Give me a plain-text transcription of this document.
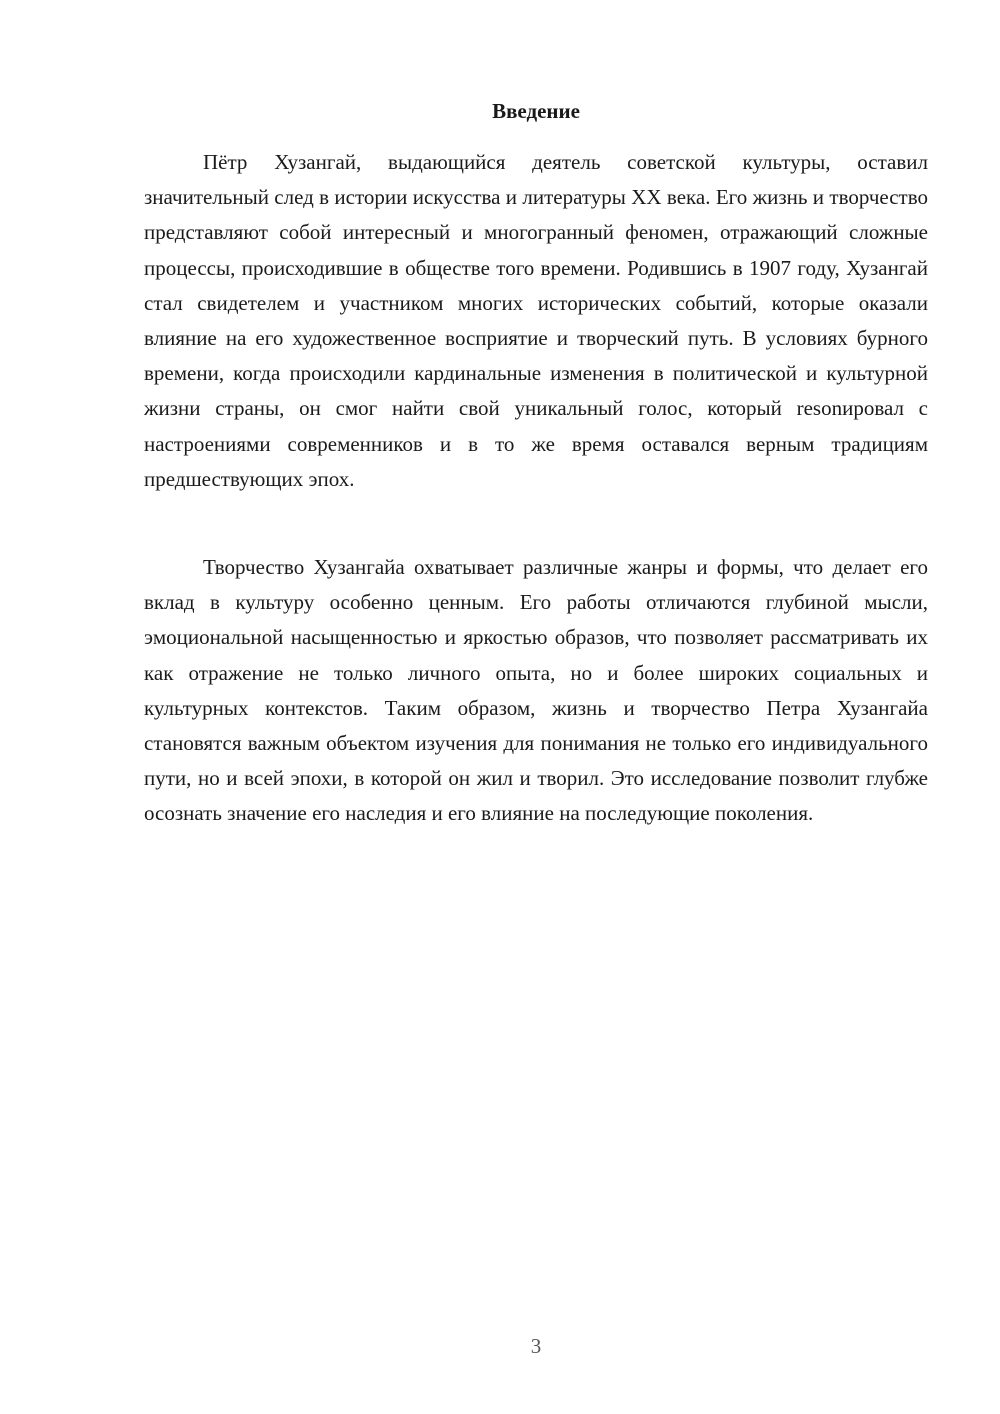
Введение

Пётр Хузангай, выдающийся деятель советской культуры, оставил значительный след в истории искусства и литературы XX века. Его жизнь и творчество представляют собой интересный и многогранный феномен, отражающий сложные процессы, происходившие в обществе того времени. Родившись в 1907 году, Хузангай стал свидетелем и участником многих исторических событий, которые оказали влияние на его художественное восприятие и творческий путь. В условиях бурного времени, когда происходили кардинальные изменения в политической и культурной жизни страны, он смог найти свой уникальный голос, который resonировал с настроениями современников и в то же время оставался верным традициям предшествующих эпох.

Творчество Хузангайа охватывает различные жанры и формы, что делает его вклад в культуру особенно ценным. Его работы отличаются глубиной мысли, эмоциональной насыщенностью и яркостью образов, что позволяет рассматривать их как отражение не только личного опыта, но и более широких социальных и культурных контекстов. Таким образом, жизнь и творчество Петра Хузангайа становятся важным объектом изучения для понимания не только его индивидуального пути, но и всей эпохи, в которой он жил и творил. Это исследование позволит глубже осознать значение его наследия и его влияние на последующие поколения.

3
